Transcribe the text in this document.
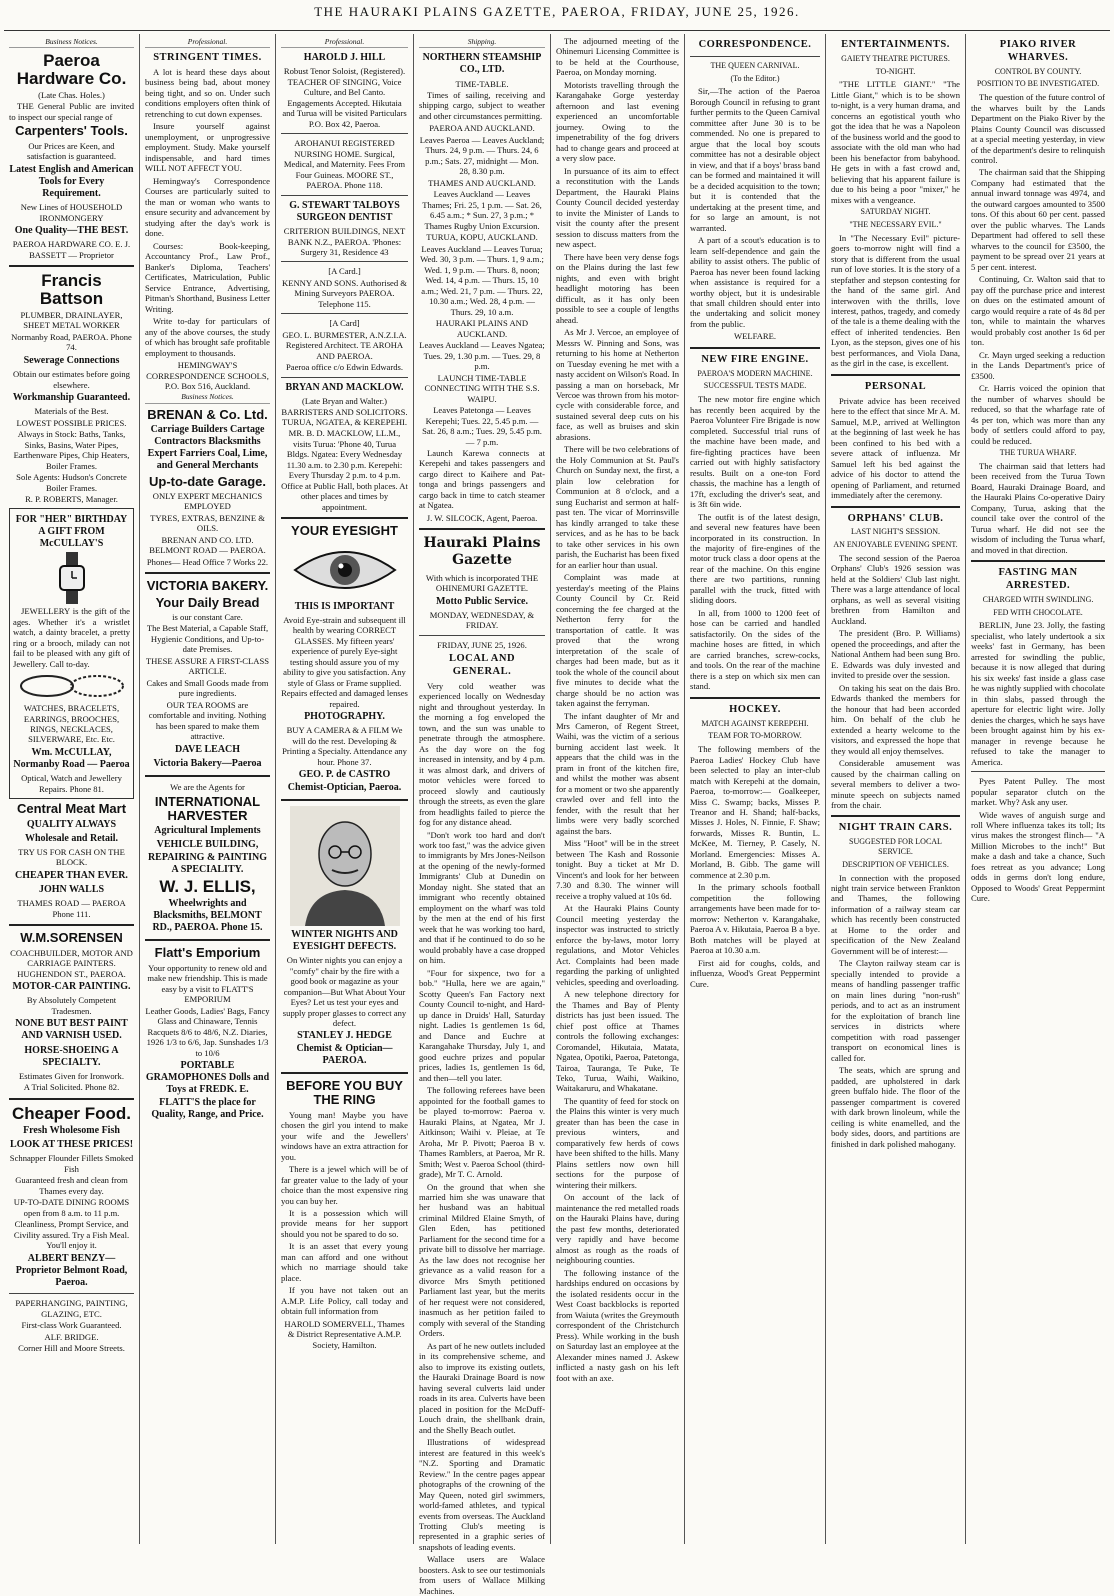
THE HAURAKI PLAINS GAZETTE, PAEROA, FRIDAY, JUNE 25, 1926.
Business Notices.
Paeroa Hardware Co.
(Late Chas. Holes.)

THE General Public are invited to inspect our special range of

Carpenters' Tools.
Our Prices are Keen, and satisfaction is guaranteed.
Latest English and American Tools for Every Requirement.
New Lines of HOUSEHOLD IRONMONGERY
One Quality—THE BEST.
PAEROA HARDWARE CO. E. J. BASSETT — Proprietor
Francis Battson
PLUMBER, DRAINLAYER, SHEET METAL WORKER
Normanby Road, PAEROA. Phone 74.
Sewerage Connections
Obtain our estimates before going elsewhere.
Workmanship Guaranteed.
Materials of the Best.
LOWEST POSSIBLE PRICES.
Always in Stock: Baths, Tanks, Sinks, Basins, Water Pipes, Earthenware Pipes, Chip Heaters, Boiler Frames.
Sole Agents: Hudson's Concrete Boiler Frames.
R. P. ROBERTS, Manager.
FOR "HER" BIRTHDAY A GIFT FROM McCULLAY'S

JEWELLERY is the gift of the ages. Whether it's a wristlet watch, a dainty bracelet, a pretty ring or a brooch, milady can not fail to be pleased with any gift of Jewellery. Call to-day.

WATCHES, BRACELETS, EARRINGS, BROOCHES, RINGS, NECKLACES, SILVERWARE, Etc. Etc.
Wm. McCULLAY, Normanby Road — Paeroa
Optical, Watch and Jewellery Repairs. Phone 81.
Central Meat Mart
QUALITY ALWAYS
Wholesale and Retail.
TRY US FOR CASH ON THE BLOCK.
CHEAPER THAN EVER.
JOHN WALLS
THAMES ROAD — PAEROA Phone 111.
W.M.SORENSEN
COACHBUILDER, MOTOR AND CARRIAGE PAINTERS. HUGHENDON ST., PAEROA.
MOTOR-CAR PAINTING.
By Absolutely Competent Tradesmen.
NONE BUT BEST PAINT AND VARNISH USED.
HORSE-SHOEING A SPECIALTY.
Estimates Given for Ironwork.
A Trial Solicited. Phone 82.
Cheaper Food.
Fresh Wholesome Fish
LOOK AT THESE PRICES!
Schnapper Flounder Fillets Smoked Fish
Guaranteed fresh and clean from Thames every day.
UP-TO-DATE DINING ROOMS open from 8 a.m. to 11 p.m.
Cleanliness, Prompt Service, and Civility assured. Try a Fish Meal. You'll enjoy it.
ALBERT BENZY—Proprietor Belmont Road, Paeroa.
PAPERHANGING, PAINTING, GLAZING, ETC.
First-class Work Guaranteed.
ALF. BRIDGE.
Corner Hill and Moore Streets.
Professional.
STRINGENT TIMES.

A lot is heard these days about business being bad, about money being tight, and so on. Under such conditions employers often think of retrenching to cut down expenses.

Insure yourself against unemployment, or unprogressive employment. Study. Make yourself indispensable, and hard times WILL NOT AFFECT YOU.

Hemingway's Correspondence Courses are particularly suited to the man or woman who wants to ensure security and advancement by studying after the day's work is done.

Courses: Book-keeping, Accountancy Prof., Law Prof., Banker's Diploma, Teachers' Certificates, Matriculation, Public Service Entrance, Advertising, Pitman's Shorthand, Business Letter Writing.

Write to-day for particulars of any of the above courses, the study of which has brought safe profitable employment to thousands.

HEMINGWAY'S CORRESPONDENCE SCHOOLS, P.O. Box 516, Auckland.
Business Notices.
BRENAN & Co. Ltd.
Carriage Builders Cartage Contractors Blacksmiths Expert Farriers Coal, Lime, and General Merchants
Up-to-date Garage.
ONLY EXPERT MECHANICS EMPLOYED
TYRES, EXTRAS, BENZINE & OILS.
BRENAN AND CO. LTD. BELMONT ROAD — PAEROA.
Phones— Head Office 7 Works 22.
VICTORIA BAKERY.
Your Daily Bread
is our constant Care.
The Best Material, a Capable Staff, Hygienic Conditions, and Up-to-date Premises.
THESE ASSURE A FIRST-CLASS ARTICLE.
Cakes and Small Goods made from pure ingredients.
OUR TEA ROOMS are comfortable and inviting. Nothing has been spared to make them attractive.
DAVE LEACH
Victoria Bakery—Paeroa
We are the Agents for
INTERNATIONAL HARVESTER
Agricultural Implements
VEHICLE BUILDING, REPAIRING & PAINTING A SPECIALITY.
W. J. ELLIS,
Wheelwrights and Blacksmiths, BELMONT RD., PAEROA. Phone 15.
Flatt's Emporium
Your opportunity to renew old and make new friendship. This is made easy by a visit to FLATT'S EMPORIUM
Leather Goods, Ladies' Bags, Fancy Glass and Chinaware, Tennis Racquets 8/6 to 48/6, N.Z. Diaries, 1926 1/3 to 6/6, Jap. Sunshades 1/3 to 10/6
PORTABLE GRAMOPHONES Dolls and Toys at FREDK. E. FLATT'S the place for Quality, Range, and Price.
Professional.
HAROLD J. HILL
Robust Tenor Soloist, (Registered). TEACHER OF SINGING, Voice Culture, and Bel Canto. Engagements Accepted. Hikutaia and Turua will be visited Particulars P.O. Box 42, Paeroa.
AROHANUI REGISTERED NURSING HOME. Surgical, Medical, and Maternity. Fees From Four Guineas. MOORE ST., PAEROA. Phone 118.
G. STEWART TALBOYS SURGEON DENTIST
CRITERION BUILDINGS, NEXT BANK N.Z., PAEROA. 'Phones: Surgery 31, Residence 43
[A Card.]
KENNY AND SONS. Authorised & Mining Surveyors PAEROA. Telephone 115.
[A Card]
GEO. L. BURMESTER, A.N.Z.I.A. Registered Architect. TE AROHA AND PAEROA.
Paeroa office c/o Edwin Edwards.
BRYAN AND MACKLOW.
(Late Bryan and Walter.) BARRISTERS AND SOLICITORS. TURUA, NGATEA, & KEREPEHI.
MR. B. D. MACKLOW, LL.M., visits Turua: 'Phone 40, Turua Bldgs. Ngatea: Every Wednesday 11.30 a.m. to 2.30 p.m. Kerepehi: Every Thursday 2 p.m. to 4 p.m. Office at Public Hall, both places. At other places and times by appointment.
YOUR EYESIGHT
THIS IS IMPORTANT
Avoid Eye-strain and subsequent ill health by wearing CORRECT GLASSES. My fifteen years' experience of purely Eye-sight testing should assure you of my ability to give you satisfaction. Any style of Glass or Frame supplied. Repairs effected and damaged lenses repaired.
PHOTOGRAPHY.
BUY A CAMERA & A FILM We will do the rest. Developing & Printing a Specialty. Attendance any hour. Phone 37.
GEO. P. de CASTRO Chemist-Optician, Paeroa.
WINTER NIGHTS AND EYESIGHT DEFECTS.
On Winter nights you can enjoy a "comfy" chair by the fire with a good book or magazine as your companion—But What About Your Eyes? Let us test your eyes and supply proper glasses to correct any defect.
STANLEY J. HEDGE Chemist & Optician—PAEROA.
BEFORE YOU BUY THE RING

Young man! Maybe you have chosen the girl you intend to make your wife and the Jewellers' windows have an extra attraction for you.

There is a jewel which will be of far greater value to the lady of your choice than the most expensive ring you can buy her.

It is a possession which will provide means for her support should you not be spared to do so.

It is an asset that every young man can afford and one without which no marriage should take place.

If you have not taken out an A.M.P. Life Policy, call today and obtain full information from

HAROLD SOMERVELL, Thames & District Representative A.M.P. Society, Hamilton.
Shipping.
NORTHERN STEAMSHIP CO., LTD.
TIME-TABLE.

Times of sailing, receiving and shipping cargo, subject to weather and other circumstances permitting.

PAEROA AND AUCKLAND.
Leaves Paeroa — Leaves Auckland; Thurs. 24, 9 p.m. — Thurs. 24, 6 p.m.; Sats. 27, midnight — Mon. 28, 8.30 p.m.
THAMES AND AUCKLAND.
Leaves Auckland — Leaves Thames; Fri. 25, 1 p.m. — Sat. 26, 6.45 a.m.; * Sun. 27, 3 p.m.; * Thames Rugby Union Excursion.
TURUA, KOPU, AUCKLAND.
Leaves Auckland — Leaves Turua; Wed. 30, 3 p.m. — Thurs. 1, 9 a.m.; Wed. 1, 9 p.m. — Thurs. 8, noon; Wed. 14, 4 p.m. — Thurs. 15, 10 a.m.; Wed. 21, 7 p.m. — Thurs. 22, 10.30 a.m.; Wed. 28, 4 p.m. — Thurs. 29, 10 a.m.
HAURAKI PLAINS AND AUCKLAND.
Leaves Auckland — Leaves Ngatea; Tues. 29, 1.30 p.m. — Tues. 29, 8 p.m.
LAUNCH TIME-TABLE CONNECTING WITH THE S.S. WAIPU.
Leaves Patetonga — Leaves Kerepehi; Tues. 22, 5.45 p.m. — Sat. 26, 8 a.m.; Tues. 29, 5.45 p.m. — 7 p.m.

Launch Karewa connects at Kerepehi and takes passengers and cargo direct to Kaihere and Pat-tonga and brings passengers and cargo back in time to catch steamer at Ngatea.

J. W. SILCOCK, Agent, Paeroa.
Hauraki Plains Gazette
With which is incorporated THE OHINEMURI GAZETTE.
Motto Public Service.
MONDAY, WEDNESDAY, & FRIDAY.
FRIDAY, JUNE 25, 1926.
LOCAL AND GENERAL.

Very cold weather was experienced locally on Wednesday night and throughout yesterday. In the morning a fog enveloped the town, and the sun was unable to penetrate through the atmosphere. As the day wore on the fog increased in intensity, and by 4 p.m. it was almost dark, and drivers of motor vehicles were forced to proceed slowly and cautiously through the streets, as even the glare from headlights failed to pierce the fog for any distance ahead.

"Don't work too hard and don't work too fast," was the advice given to immigrants by Mrs Jones-Neilson at the opening of the newly-formed Immigrants' Club at Dunedin on Monday night. She stated that an immigrant who recently obtained employment on the wharf was told by the men at the end of his first week that he was working too hard, and that if he continued to do so he would probably have a case dropped on him.

"Four for sixpence, two for a bob." "Hulla, here we are again," Scotty Queen's Fan Factory next County Council to-night, and Hard-up dance in Druids' Hall, Saturday night. Ladies 1s gentlemen 1s 6d, and Dance and Euchre at Karangahake Thursday, July 1, and good euchre prizes and popular prices, ladies 1s, gentlemen 1s 6d, and then—tell you later.

The following referees have been appointed for the football games to be played to-morrow: Paeroa v. Hauraki Plains, at Ngatea, Mr J. Aitkinson; Waihi v. Pleiae, at Te Aroha, Mr P. Pivott; Paeroa B v. Thames Ramblers, at Paeroa, Mr R. Smith; West v. Paeroa School (third-grade), Mr T. C. Arnold.

On the ground that when she married him she was unaware that her husband was an habitual criminal Mildred Elaine Smyth, of Glen Eden, has petitioned Parliament for the second time for a private bill to dissolve her marriage. As the law does not recognise her grievance as a valid reason for a divorce Mrs Smyth petitioned Parliament last year, but the merits of her request were not considered, inasmuch as her petition failed to comply with several of the Standing Orders.

As part of he new outlets included in its comprehensive scheme, and also to improve its existing outlets, the Hauraki Drainage Board is now having several culverts laid under roads in its area. Culverts have been placed in position for the McDuff-Louch drain, the shellbank drain, and the Shelly Beach outlet.

Illustrations of widespread interest are featured in this week's "N.Z. Sporting and Dramatic Review." In the centre pages appear photographs of the crowning of the May Queen, noted girl swimmers, world-famed athletes, and typical events from overseas. The Auckland Trotting Club's meeting is represented in a graphic series of snapshots of leading events.

Wallace users are Walace boosters. Ask to see our testimonials from users of Wallace Milking Machines.

The adjourned meeting of the Ohinemuri Licensing Committee is to be held at the Courthouse, Paeroa, on Monday morning.

Motorists travelling through the Karangahake Gorge yesterday afternoon and last evening experienced an uncomfortable journey. Owing to the impenetrability of the fog drivers had to change gears and proceed at a very slow pace.

In pursuance of its aim to effect a reconstitution with the Lands Department, the Hauraki Plains County Council decided yesterday to invite the Minister of Lands to visit the county after the present session to discuss matters from the new aspect.

There have been very dense fogs on the Plains during the last few nights, and even with bright headlight motoring has been difficult, as it has only been possible to see a couple of lengths ahead.

As Mr J. Vercoe, an employee of Messrs W. Pinning and Sons, was returning to his home at Netherton on Tuesday evening he met with a nasty accident on Wilson's Road. In passing a man on horseback, Mr Vercoe was thrown from his motor-cycle with considerable force, and sustained several deep cuts on his face, as well as bruises and skin abrasions.

There will be two celebrations of the Holy Communion at St. Paul's Church on Sunday next, the first, a plain low celebration for Communion at 8 o'clock, and a sung Eucharist and sermon at half-past ten. The vicar of Morrinsville has kindly arranged to take these services, and as he has to be back to take other services in his own parish, the Eucharist has been fixed for an earlier hour than usual.

Complaint was made at yesterday's meeting of the Plains County Council by Cr. Reid concerning the fee charged at the Netherton ferry for the transportation of cattle. It was proved that the wrong interpretation of the scale of charges had been made, but as it took the whole of the council about five minutes to decide what the charge should be no action was taken against the ferryman.

The infant daughter of Mr and Mrs Cameron, of Regent Street, Waihi, was the victim of a serious burning accident last week. It appears that the child was in the pram in front of the kitchen fire, and whilst the mother was absent for a moment or two she apparently crawled over and fell into the fender, with the result that her limbs were very badly scorched against the bars.

Miss "Hoot" will be in the street between The Kash and Rossonie tonight. Buy a ticket at Mr D. Vincent's and look for her between 7.30 and 8.30. The winner will receive a trophy valued at 10s 6d.

At the Hauraki Plains County Council meeting yesterday the inspector was instructed to strictly enforce the by-laws, motor lorry regulations, and Motor Vehicles Act. Complaints had been made regarding the parking of unlighted vehicles, speeding and overloading.

A new telephone directory for the Thames and Bay of Plenty districts has just been issued. The chief post office at Thames controls the following exchanges: Coromandel, Hikutaia, Matata, Ngatea, Opotiki, Paeroa, Patetonga, Tairoa, Tauranga, Te Puke, Te Teko, Turua, Waihi, Waikino, Waitakaruru, and Whakatane.

The quantity of feed for stock on the Plains this winter is very much greater than has been the case in previous winters, and comparatively few herds of cows have been shifted to the hills. Many Plains settlers now own hill sections for the purpose of wintering their milkers.

On account of the lack of maintenance the red metalled roads on the Hauraki Plains have, during the past few months, deteriorated very rapidly and have become almost as rough as the roads of neighbouring counties.

The following instance of the hardships endured on occasions by the isolated residents occur in the West Coast backblocks is reported from Waiuta (writes the Greymouth correspondent of the Christchurch Press). While working in the bush on Saturday last an employee at the Alexander mines named J. Askew inflicted a nasty gash on his left foot with an axe.

CORRESPONDENCE.
THE QUEEN CARNIVAL.
(To the Editor.)

Sir,—The action of the Paeroa Borough Council in refusing to grant further permits to the Queen Carnival committee after June 30 is to be commended. No one is prepared to argue that the local boy scouts committee has not a desirable object in view, and that if a boys' brass band can be formed and maintained it will be a decided acquisition to the town; but it is contended that the undertaking at the present time, and for so large an amount, is not warranted.

A part of a scout's education is to learn self-dependence and gain the ability to assist others. The public of Paeroa has never been found lacking when assistance is required for a worthy object, but it is undesirable that small children should enter into the undertaking and solicit money from the public.

WELFARE.
NEW FIRE ENGINE.
PAEROA'S MODERN MACHINE.
SUCCESSFUL TESTS MADE.

The new motor fire engine which has recently been acquired by the Paeroa Volunteer Fire Brigade is now completed. Successful trial runs of the machine have been made, and fire-fighting practices have been carried out with highly satisfactory results. Built on a one-ton Ford chassis, the machine has a length of 17ft, excluding the driver's seat, and is 3ft 6in wide.

The outfit is of the latest design, and several new features have been incorporated in its construction. In the majority of fire-engines of the motor truck class a door opens at the rear of the machine. On this engine there are two partitions, running parallel with the truck, fitted with sliding doors.

In all, from 1000 to 1200 feet of hose can be carried and handled satisfactorily. On the sides of the machine hoses are fitted, in which are carried branches, screw-cocks, and tools. On the rear of the machine there is a step on which six men can stand.

HOCKEY.
MATCH AGAINST KEREPEHI.
TEAM FOR TO-MORROW.

The following members of the Paeroa Ladies' Hockey Club have been selected to play an inter-club match with Kerepehi at the domain, Paeroa, to-morrow:— Goalkeeper, Miss C. Swamp; backs, Misses P. Treanor and H. Shand; half-backs, Misses J. Holes, N. Finnie, F. Shaw; forwards, Misses R. Buntin, L. McKee, M. Tierney, P. Casely, N. Morland. Emergencies: Misses A. Morland, B. Gibb. The game will commence at 2.30 p.m.

In the primary schools football competition the following arrangements have been made for to-morrow: Netherton v. Karangahake, Paeroa A v. Hikutaia, Paeroa B a bye. Both matches will be played at Paeroa at 10.30 a.m.

First aid for coughs, colds, and influenza, Wood's Great Peppermint Cure.

ENTERTAINMENTS.
GAIETY THEATRE PICTURES.
TO-NIGHT.

"THE LITTLE GIANT." "The Little Giant," which is to be shown to-night, is a very human drama, and concerns an egotistical youth who got the idea that he was a Napoleon of the business world and the good to associate with the old man who had been his benefactor from babyhood. He gets in with a fast crowd and, believing that his apparent failure is due to his being a poor "mixer," he mixes with a vengeance.

SATURDAY NIGHT.
"THE NECESSARY EVIL."

In "The Necessary Evil" picture-goers to-morrow night will find a story that is different from the usual run of love stories. It is the story of a stepfather and stepson contesting for the hand of the same girl. And interwoven with the thrills, love interest, pathos, tragedy, and comedy of the tale is a theme dealing with the effect of inherited tendencies. Ben Lyon, as the stepson, gives one of his best performances, and Viola Dana, as the girl in the case, is excellent.

PERSONAL

Private advice has been received here to the effect that since Mr A. M. Samuel, M.P., arrived at Wellington at the beginning of last week he has been confined to his bed with a severe attack of influenza. Mr Samuel left his bed against the advice of his doctor to attend the opening of Parliament, and returned immediately after the ceremony.

ORPHANS' CLUB.
LAST NIGHT'S SESSION.
AN ENJOYABLE EVENING SPENT.

The second session of the Paeroa Orphans' Club's 1926 session was held at the Soldiers' Club last night. There was a large attendance of local orphans, as well as several visiting brethren from Hamilton and Auckland.

The president (Bro. P. Williams) opened the proceedings, and after the National Anthem had been sung Bro. E. Edwards was duly invested and invited to preside over the session.

On taking his seat on the dais Bro. Edwards thanked the members for the honour that had been accorded him. On behalf of the club he extended a hearty welcome to the visitors, and expressed the hope that they would all enjoy themselves.

Considerable amusement was caused by the chairman calling on several members to deliver a two-minute speech on subjects named from the chair.

NIGHT TRAIN CARS.
SUGGESTED FOR LOCAL SERVICE.
DESCRIPTION OF VEHICLES.

In connection with the proposed night train service between Frankton and Thames, the following information of a railway steam car which has recently been constructed at Home to the order and specification of the New Zealand Government will be of interest:—

The Clayton railway steam car is specially intended to provide a means of handling passenger traffic on main lines during "non-rush" periods, and to act as an instrument for the exploitation of branch line services in districts where competition with road passenger transport on economical lines is called for.

The seats, which are sprung and padded, are upholstered in dark green buffalo hide. The floor of the passenger compartment is covered with dark brown linoleum, while the ceiling is white enamelled, and the body sides, doors, and partitions are finished in dark polished mahogany.

PIAKO RIVER WHARVES.
CONTROL BY COUNTY.
POSITION TO BE INVESTIGATED.

The question of the future control of the wharves built by the Lands Department on the Piako River by the Plains County Council was discussed at a special meeting yesterday, in view of the department's desire to relinquish control.

The chairman said that the Shipping Company had estimated that the annual inward tonnage was 4974, and the outward cargoes amounted to 3500 tons. Of this about 60 per cent. passed over the public wharves. The Lands Department had offered to sell these wharves to the council for £3500, the payment to be spread over 21 years at 5 per cent. interest.

Continuing, Cr. Walton said that to pay off the purchase price and interest on dues on the estimated amount of cargo would require a rate of 4s 8d per ton, while to maintain the wharves would probably cost another 1s 6d per ton.

Cr. Mayn urged seeking a reduction in the Lands Department's price of £3500.

Cr. Harris voiced the opinion that the number of wharves should be reduced, so that the wharfage rate of 4s per ton, which was more than any body of settlers could afford to pay, could be reduced.

THE TURUA WHARF.

The chairman said that letters had been received from the Turua Town Board, Hauraki Drainage Board, and the Hauraki Plains Co-operative Dairy Company, Turua, asking that the council take over the control of the Turua wharf. He did not see the wisdom of including the Turua wharf, and moved in that direction.

FASTING MAN ARRESTED.
CHARGED WITH SWINDLING.
FED WITH CHOCOLATE.

BERLIN, June 23. Jolly, the fasting specialist, who lately undertook a six weeks' fast in Germany, has been arrested for swindling the public, because it is now alleged that during his six weeks' fast inside a glass case he was nightly supplied with chocolate in thin slabs, passed through the aperture for electric light wire. Jolly denies the charges, which he says have been brought against him by his ex-manager in revenge because he refused to take the manager to America.

Pyes Patent Pulley. The most popular separator clutch on the market. Why? Ask any user.

Wide waves of anguish surge and roll Where influenza takes its toll; Its virus makes the strongest flinch— "A Million Microbes to the inch!" But make a dash and take a chance, Such foes retreat as you advance; Long odds in germs don't long endure, Opposed to Woods' Great Peppermint Cure.
